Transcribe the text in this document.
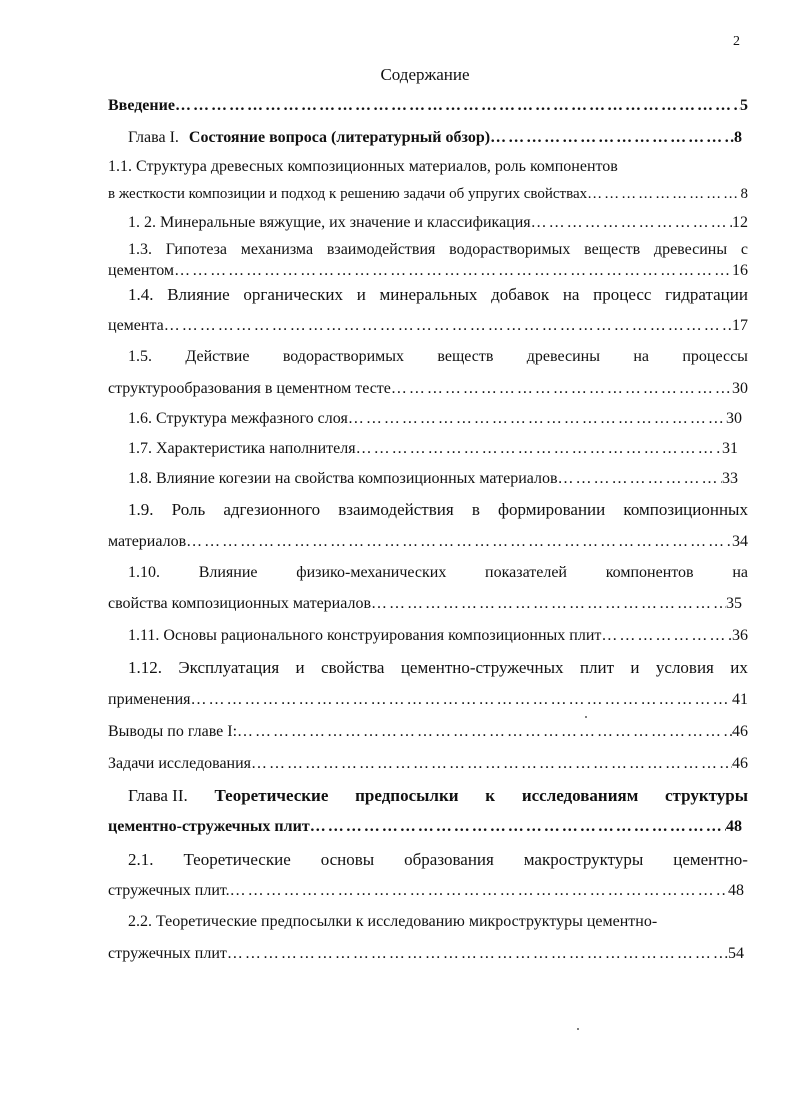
2
Содержание
Введение …………………………………………………………………………………………………………………………………………………………………………	5
Глава I. Состояние вопроса (литературный обзор) …………………………………………………………………………………………………………………………………………………………………………	8
1.1. Структура древесных композиционных материалов, роль компонентов
в жесткости композиции и подход к решению задачи об упругих свойствах …………………………………………………………………………………………………………………………………………………………………………	8
1. 2. Минеральные вяжущие, их значение и классификация …………………………………………………………………………………………………………………………………………………………………………	12
1.3. Гипотеза механизма взаимодействия водорастворимых веществ древесины с
цементом …………………………………………………………………………………………………………………………………………………………………………	16
1.4. Влияние органических и минеральных добавок на процесс гидратации
цемента …………………………………………………………………………………………………………………………………………………………………………	17
1.5. Действие водорастворимых веществ древесины на процессы
структурообразования в цементном тесте …………………………………………………………………………………………………………………………………………………………………………	30
1.6. Структура межфазного слоя …………………………………………………………………………………………………………………………………………………………………………	30
1.7. Характеристика наполнителя …………………………………………………………………………………………………………………………………………………………………………	31
1.8. Влияние когезии на свойства композиционных материалов …………………………………………………………………………………………………………………………………………………………………………	33
1.9. Роль адгезионного взаимодействия в формировании композиционных
материалов …………………………………………………………………………………………………………………………………………………………………………	34
1.10. Влияние физико-механических показателей компонентов на
свойства композиционных материалов …………………………………………………………………………………………………………………………………………………………………………	35
1.11. Основы рационального конструирования композиционных плит …………………………………………………………………………………………………………………………………………………………………………	36
1.12. Эксплуатация и свойства цементно-стружечных плит и условия их
применения …………………………………………………………………………………………………………………………………………………………………………	41
Выводы по главе I: …………………………………………………………………………………………………………………………………………………………………………	46
Задачи исследования …………………………………………………………………………………………………………………………………………………………………………	46
Глава II. Теоретические предпосылки к исследованиям структуры
цементно-стружечных плит …………………………………………………………………………………………………………………………………………………………………………	48
2.1. Теоретические основы образования макроструктуры цементно-
стружечных плит. …………………………………………………………………………………………………………………………………………………………………………	48
2.2. Теоретические предпосылки к исследованию микроструктуры цементно-
стружечных плит …………………………………………………………………………………………………………………………………………………………………………	54
